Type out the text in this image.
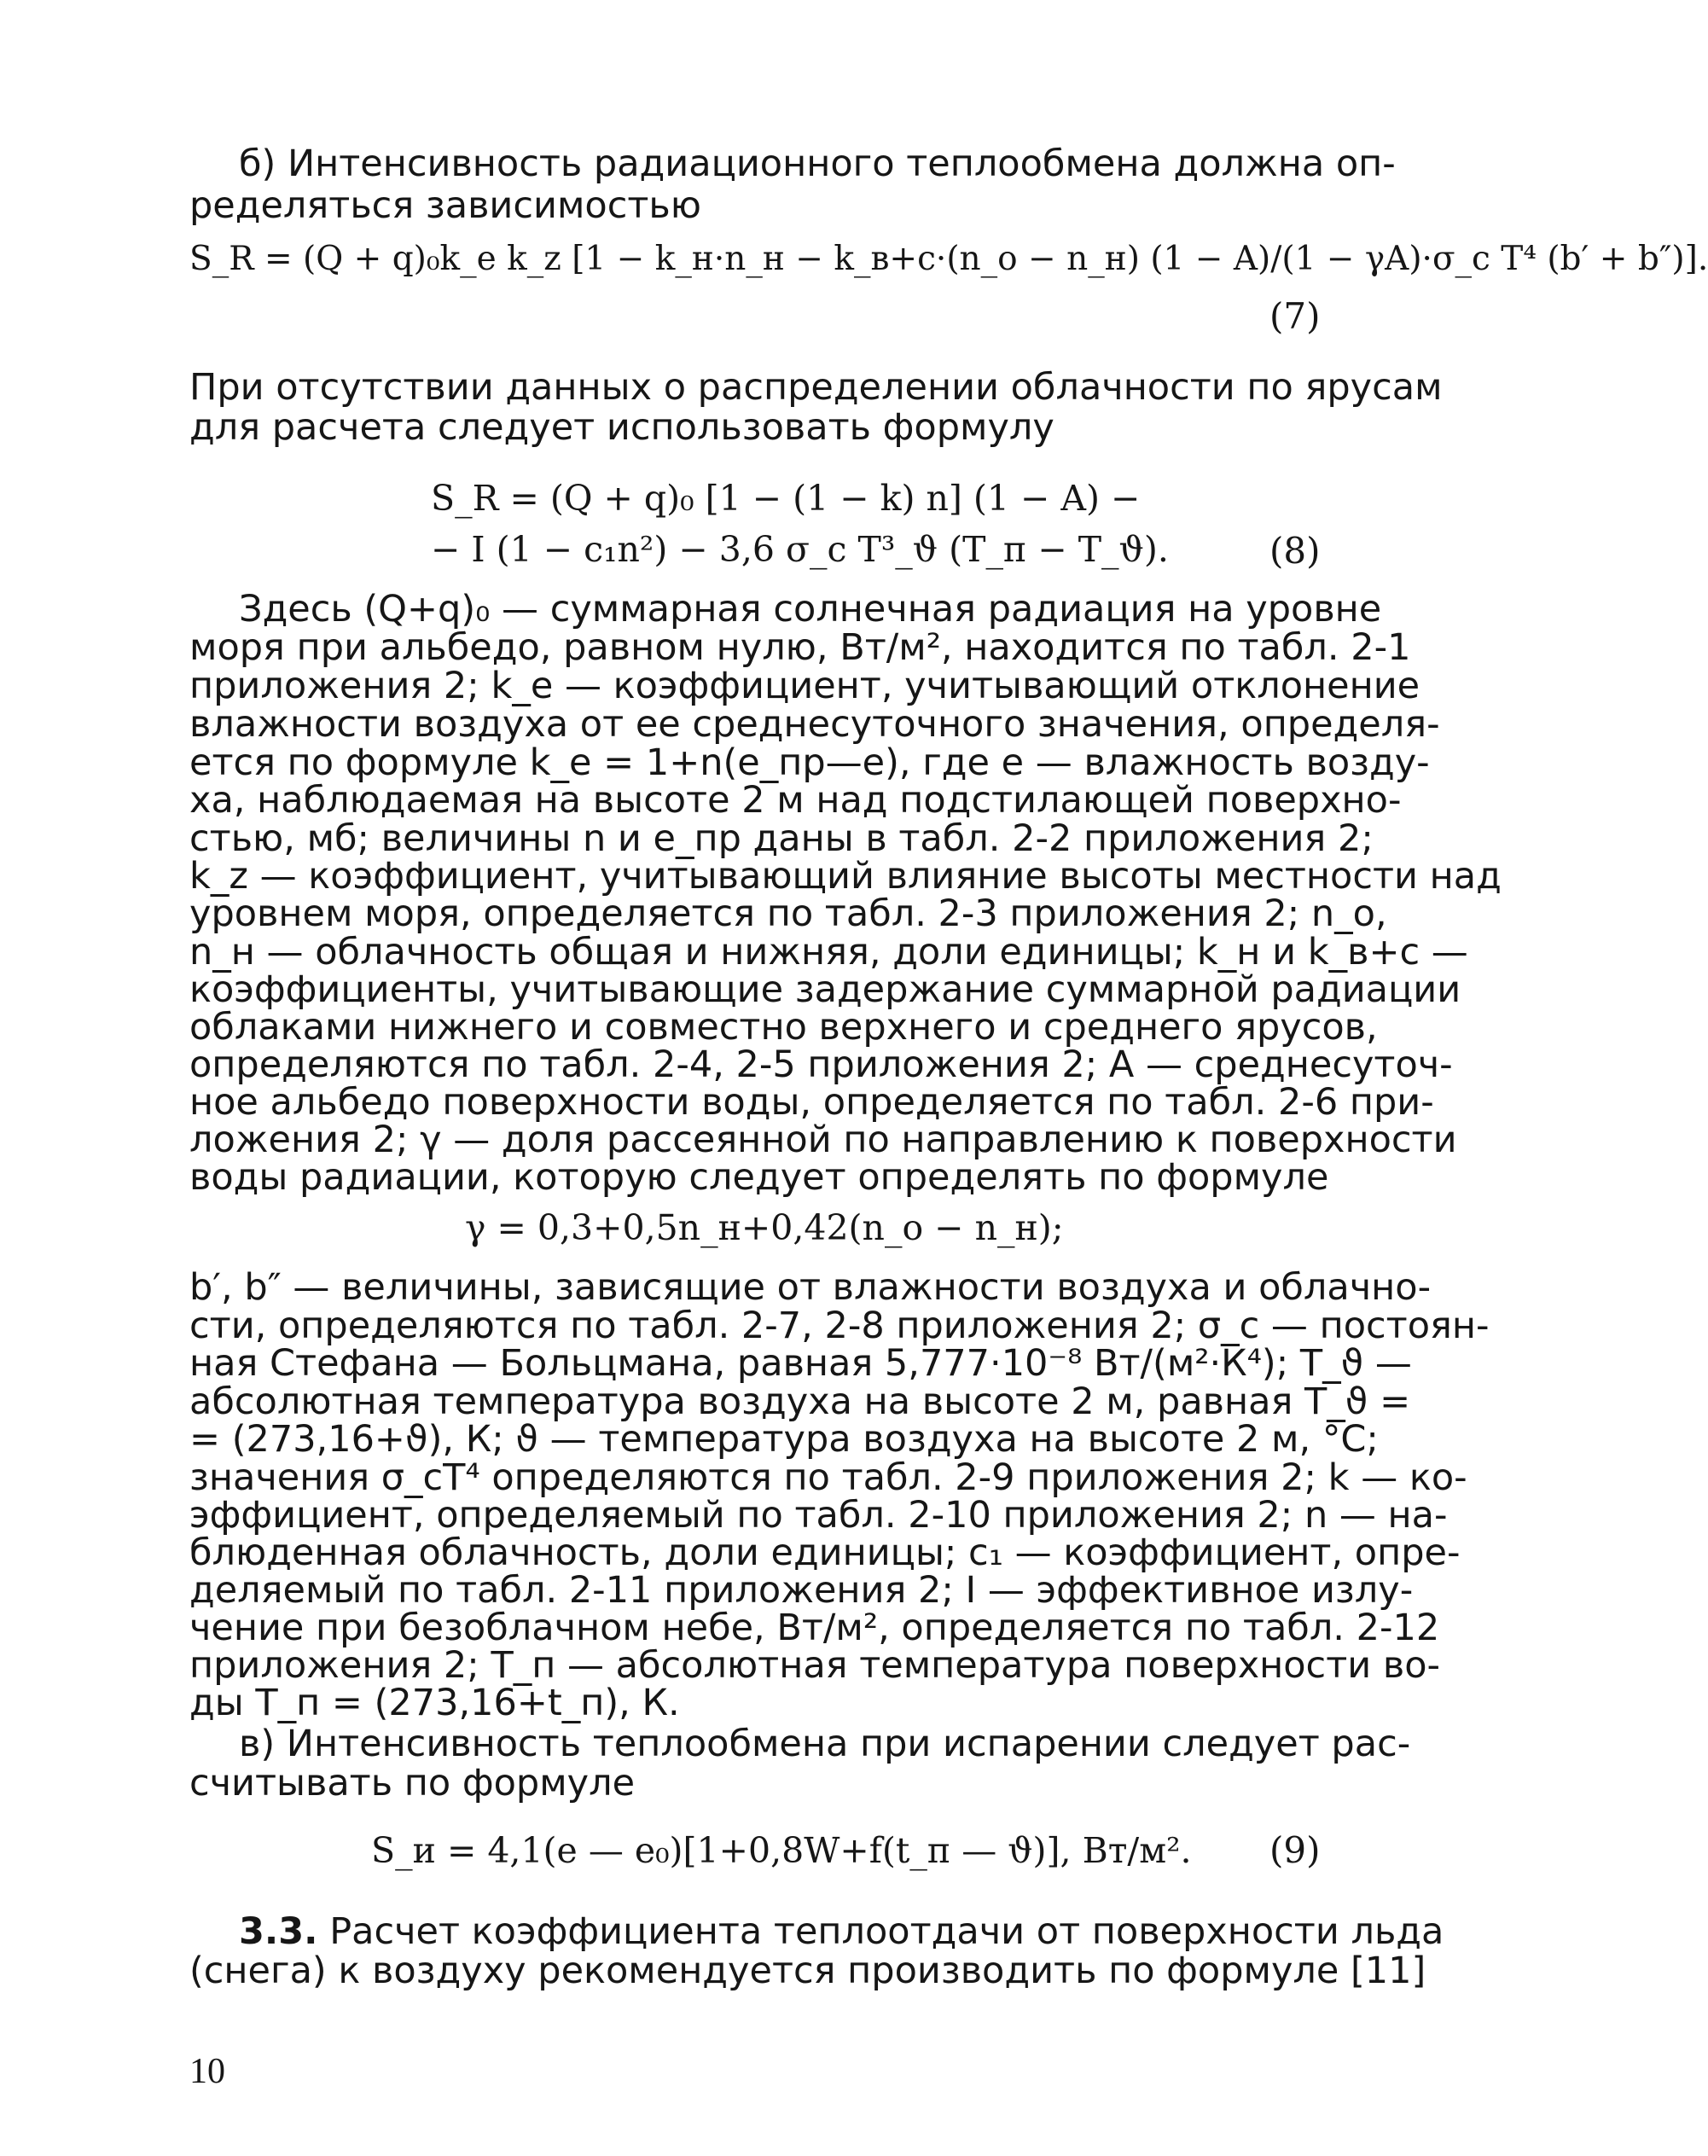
б) Интенсивность радиационного теплообмена должна оп-
ределяться зависимостью
S_R = (Q + q)₀k_e k_z [1 − k_н·n_н − k_в+с·(n_о − n_н) (1 − A)/(1 − γA)·σ_c T⁴ (b′ + b″)].
(7)
При отсутствии данных о распределении облачности по ярусам
для расчета следует использовать формулу
S_R = (Q + q)₀ [1 − (1 − k) n] (1 − A) −
− I (1 − c₁n²) − 3,6 σ_c T³_ϑ (T_п − T_ϑ).	(8)
Здесь (Q+q)₀ — суммарная солнечная радиация на уровне
моря при альбедо, равном нулю, Вт/м², находится по табл. 2-1
приложения 2; k_e — коэффициент, учитывающий отклонение
влажности воздуха от ее среднесуточного значения, определя-
ется по формуле k_e = 1+n(e_пр—e), где e — влажность возду-
ха, наблюдаемая на высоте 2 м над подстилающей поверхно-
стью, мб; величины n и e_пр даны в табл. 2-2 приложения 2;
k_z — коэффициент, учитывающий влияние высоты местности над
уровнем моря, определяется по табл. 2-3 приложения 2; n_о,
n_н — облачность общая и нижняя, доли единицы; k_н и k_в+с —
коэффициенты, учитывающие задержание суммарной радиации
облаками нижнего и совместно верхнего и среднего ярусов,
определяются по табл. 2-4, 2-5 приложения 2; A — среднесуточ-
ное альбедо поверхности воды, определяется по табл. 2-6 при-
ложения 2; γ — доля рассеянной по направлению к поверхности
воды радиации, которую следует определять по формуле
γ = 0,3+0,5n_н+0,42(n_о − n_н);
b′, b″ — величины, зависящие от влажности воздуха и облачно-
сти, определяются по табл. 2-7, 2-8 приложения 2; σ_c — постоян-
ная Стефана — Больцмана, равная 5,777·10⁻⁸ Вт/(м²·К⁴); T_ϑ —
абсолютная температура воздуха на высоте 2 м, равная T_ϑ =
= (273,16+ϑ), К; ϑ — температура воздуха на высоте 2 м, °С;
значения σ_cT⁴ определяются по табл. 2-9 приложения 2; k — ко-
эффициент, определяемый по табл. 2-10 приложения 2; n — на-
блюденная облачность, доли единицы; c₁ — коэффициент, опре-
деляемый по табл. 2-11 приложения 2; I — эффективное излу-
чение при безоблачном небе, Вт/м², определяется по табл. 2-12
приложения 2; T_п — абсолютная температура поверхности во-
ды T_п = (273,16+t_п), К.
в) Интенсивность теплообмена при испарении следует рас-
считывать по формуле
S_и = 4,1(e — e₀)[1+0,8W+f(t_п — ϑ)], Вт/м². (9)
3.3. Расчет коэффициента теплоотдачи от поверхности льда
(снега) к воздуху рекомендуется производить по формуле [11]
10
